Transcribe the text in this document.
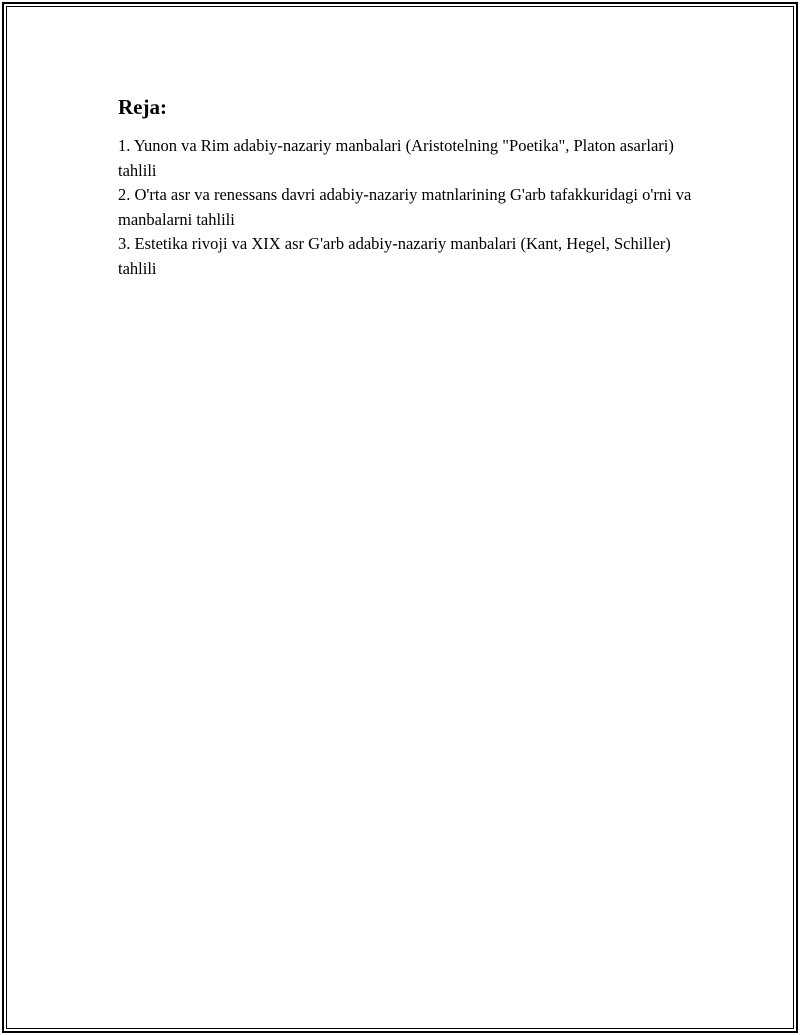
Reja:

1. Yunon va Rim adabiy-nazariy manbalari (Aristotelning "Poetika", Platon asarlari) tahlili

2. O'rta asr va renessans davri adabiy-nazariy matnlarining G'arb tafakkuridagi o'rni va manbalarni tahlili

3. Estetika rivoji va XIX asr G'arb adabiy-nazariy manbalari (Kant, Hegel, Schiller) tahlili
